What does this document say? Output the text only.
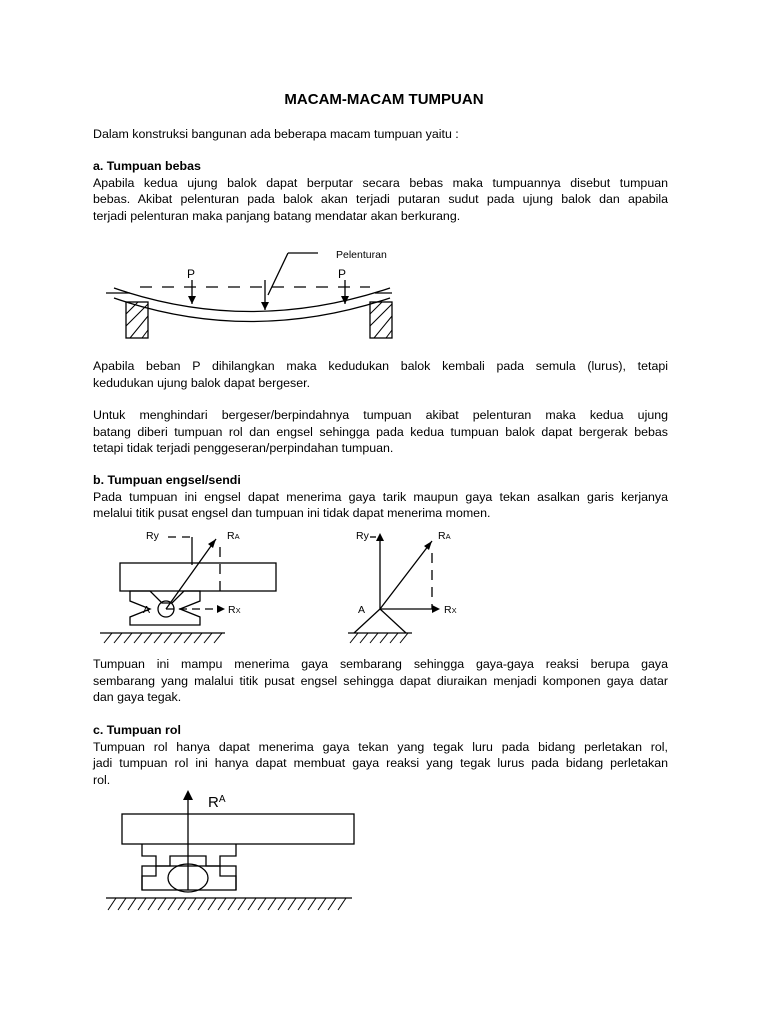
MACAM-MACAM TUMPUAN

Dalam konstruksi bangunan ada beberapa macam tumpuan yaitu :

a. Tumpuan bebas

Apabila kedua ujung balok dapat berputar secara bebas maka tumpuannya disebut tumpuan

bebas. Akibat pelenturan pada balok akan terjadi putaran sudut pada ujung balok dan apabila

terjadi pelenturan maka panjang batang mendatar akan berkurang.

Pelenturan
P	P

Apabila beban P dihilangkan maka kedudukan balok kembali pada semula (lurus), tetapi

kedudukan ujung balok dapat bergeser.

Untuk menghindari bergeser/berpindahnya tumpuan akibat pelenturan maka kedua ujung

batang diberi tumpuan rol dan engsel sehingga pada kedua tumpuan balok dapat bergerak bebas

tetapi tidak terjadi penggeseran/perpindahan tumpuan.

b. Tumpuan engsel/sendi

Pada tumpuan ini engsel dapat menerima gaya tarik maupun gaya tekan asalkan garis kerjanya

melalui titik pusat engsel dan tumpuan ini tidak dapat menerima momen.

Ry	RA
A	RX
Ry	RA
A	RX

Tumpuan ini mampu menerima gaya sembarang sehingga gaya-gaya reaksi berupa gaya

sembarang yang malalui titik pusat engsel sehingga dapat diuraikan menjadi komponen gaya datar

dan gaya tegak.

c. Tumpuan rol

Tumpuan rol hanya dapat menerima gaya tekan yang tegak luru pada bidang perletakan rol,

jadi tumpuan rol ini hanya dapat membuat gaya reaksi yang tegak lurus pada bidang perletakan

rol.

$R^A$
